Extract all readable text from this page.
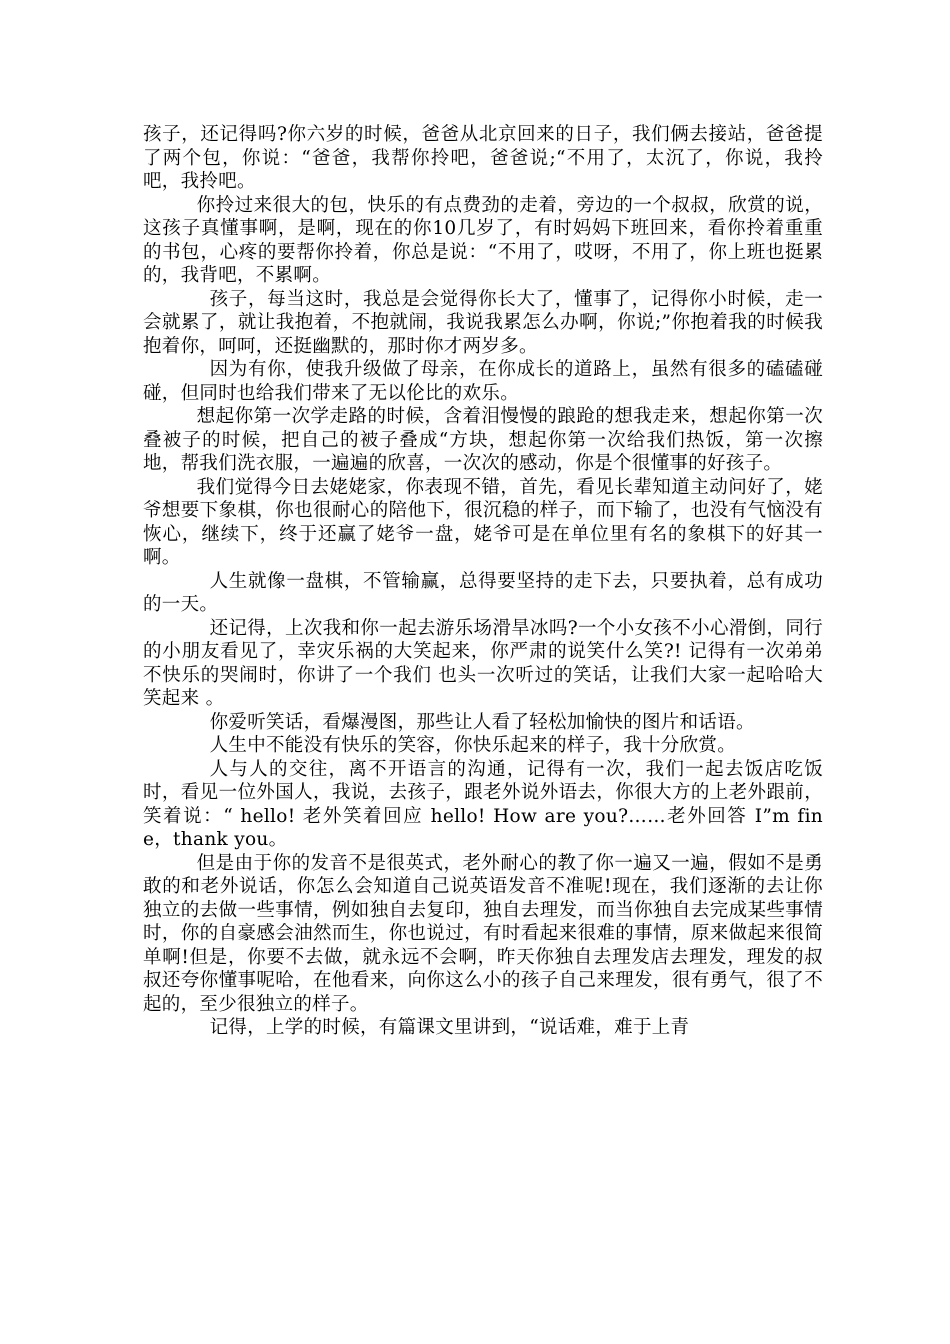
孩子，还记得吗?你六岁的时候，爸爸从北京回来的日子，我们俩去接站，爸爸提了两个包，你说：“爸爸，我帮你拎吧，爸爸说;“不用了，太沉了，你说，我拎吧，我拎吧。

你拎过来很大的包，快乐的有点费劲的走着，旁边的一个叔叔，欣赏的说，这孩子真懂事啊，是啊，现在的你10几岁了，有时妈妈下班回来，看你拎着重重的书包，心疼的要帮你拎着，你总是说：“不用了，哎呀，不用了，你上班也挺累的，我背吧，不累啊。

孩子，每当这时，我总是会觉得你长大了，懂事了，记得你小时候，走一会就累了，就让我抱着，不抱就闹，我说我累怎么办啊，你说;”你抱着我的时候我抱着你，呵呵，还挺幽默的，那时你才两岁多。

因为有你，使我升级做了母亲，在你成长的道路上，虽然有很多的磕磕碰碰，但同时也给我们带来了无以伦比的欢乐。

想起你第一次学走路的时候，含着泪慢慢的踉跄的想我走来，想起你第一次叠被子的时候，把自己的被子叠成“方块，想起你第一次给我们热饭，第一次擦地，帮我们洗衣服，一遍遍的欣喜，一次次的感动，你是个很懂事的好孩子。

我们觉得今日去姥姥家，你表现不错，首先，看见长辈知道主动问好了，姥爷想要下象棋，你也很耐心的陪他下，很沉稳的样子，而下输了，也没有气恼没有恢心，继续下，终于还赢了姥爷一盘，姥爷可是在单位里有名的象棋下的好其一啊。

人生就像一盘棋，不管输赢，总得要坚持的走下去，只要执着，总有成功的一天。

还记得，上次我和你一起去游乐场滑旱冰吗?一个小女孩不小心滑倒，同行的小朋友看见了，幸灾乐祸的大笑起来，你严肃的说笑什么笑?! 记得有一次弟弟不快乐的哭闹时，你讲了一个我们 也头一次听过的笑话，让我们大家一起哈哈大笑起来 。

你爱听笑话，看爆漫图，那些让人看了轻松加愉快的图片和话语。

人生中不能没有快乐的笑容，你快乐起来的样子，我十分欣赏。

人与人的交往，离不开语言的沟通，记得有一次，我们一起去饭店吃饭时，看见一位外国人，我说，去孩子，跟老外说外语去，你很大方的上老外跟前，笑着说：“ hello! 老外笑着回应 hello! How are you?……老外回答 I”m fine，thank you。

但是由于你的发音不是很英式，老外耐心的教了你一遍又一遍，假如不是勇敢的和老外说话，你怎么会知道自己说英语发音不准呢!现在，我们逐渐的去让你独立的去做一些事情，例如独自去复印，独自去理发，而当你独自去完成某些事情时，你的自豪感会油然而生，你也说过，有时看起来很难的事情，原来做起来很简单啊!但是，你要不去做，就永远不会啊，昨天你独自去理发店去理发，理发的叔叔还夸你懂事呢哈，在他看来，向你这么小的孩子自己来理发，很有勇气，很了不起的，至少很独立的样子。

记得，上学的时候，有篇课文里讲到，“说话难，难于上青
